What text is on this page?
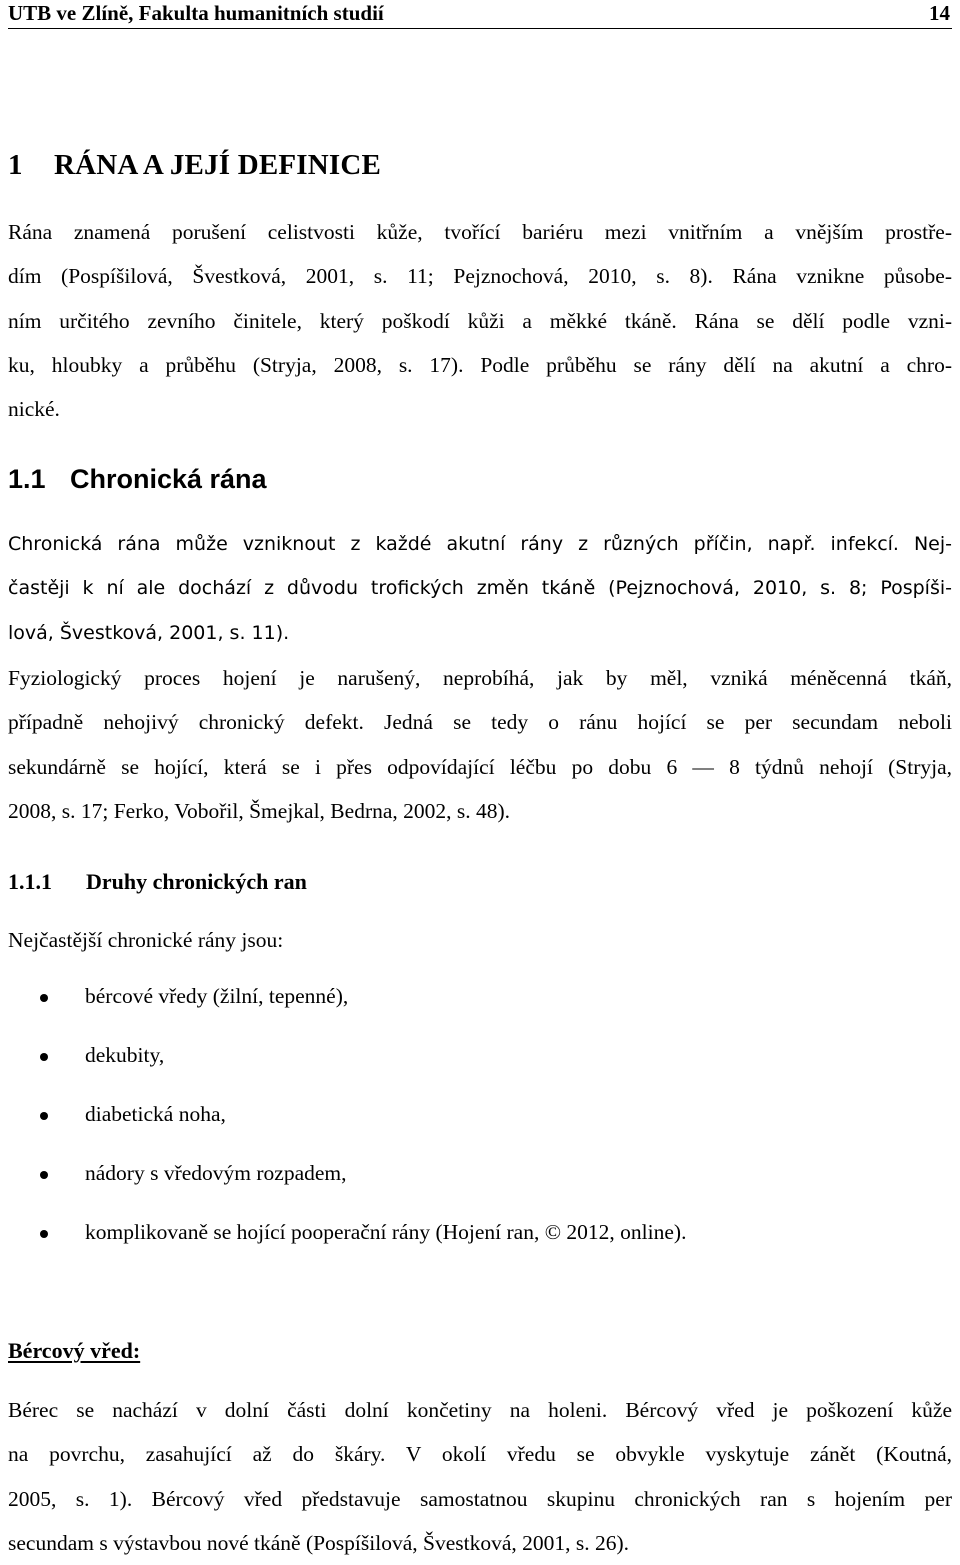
UTB ve Zlíně, Fakulta humanitních studií	14
1 RÁNA A JEJÍ DEFINICE
Rána znamená porušení celistvosti kůže, tvořící bariéru mezi vnitřním a vnějším prostře-
dím (Pospíšilová, Švestková, 2001, s. 11; Pejznochová, 2010, s. 8). Rána vznikne působe-
ním určitého zevního činitele, který poškodí kůži a měkké tkáně. Rána se dělí podle vzni-
ku, hloubky a průběhu (Stryja, 2008, s. 17). Podle průběhu se rány dělí na akutní a chro-
nické.
1.1 Chronická rána
Chronická rána může vzniknout z každé akutní rány z různých příčin, např. infekcí. Nej-
častěji k ní ale dochází z důvodu trofických změn tkáně (Pejznochová, 2010, s. 8; Pospíši-
lová, Švestková, 2001, s. 11).
Fyziologický proces hojení je narušený, neprobíhá, jak by měl, vzniká méněcenná tkáň,
případně nehojivý chronický defekt. Jedná se tedy o ránu hojící se per secundam neboli
sekundárně se hojící, která se i přes odpovídající léčbu po dobu 6 — 8 týdnů nehojí (Stryja,
2008, s. 17; Ferko, Vobořil, Šmejkal, Bedrna, 2002, s. 48).
1.1.1 Druhy chronických ran
Nejčastější chronické rány jsou:
bércové vředy (žilní, tepenné),
dekubity,
diabetická noha,
nádory s vředovým rozpadem,
komplikovaně se hojící pooperační rány (Hojení ran, © 2012, online).
Bércový vřed:
Bérec se nachází v dolní části dolní končetiny na holeni. Bércový vřed je poškození kůže
na povrchu, zasahující až do škáry. V okolí vředu se obvykle vyskytuje zánět (Koutná,
2005, s. 1). Bércový vřed představuje samostatnou skupinu chronických ran s hojením per
secundam s výstavbou nové tkáně (Pospíšilová, Švestková, 2001, s. 26).
